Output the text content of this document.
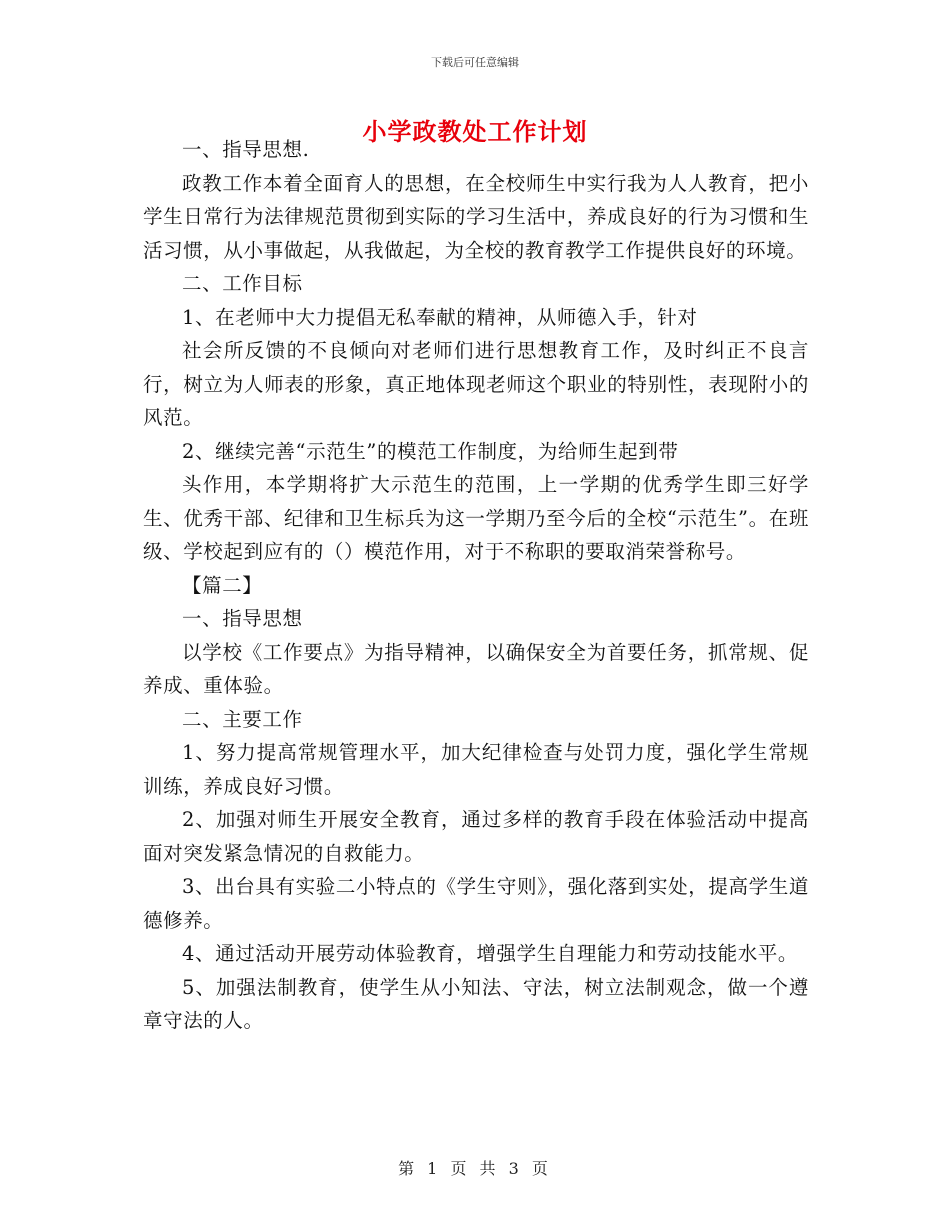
下载后可任意编辑
小学政教处工作计划

一、指导思想.

政教工作本着全面育人的思想，在全校师生中实行我为人人教育，把小学生日常行为法律规范贯彻到实际的学习生活中，养成良好的行为习惯和生活习惯，从小事做起，从我做起，为全校的教育教学工作提供良好的环境。

二、工作目标

1、在老师中大力提倡无私奉献的精神，从师德入手，针对

社会所反馈的不良倾向对老师们进行思想教育工作，及时纠正不良言行，树立为人师表的形象，真正地体现老师这个职业的特别性，表现附小的风范。

2、继续完善“示范生”的模范工作制度，为给师生起到带

头作用，本学期将扩大示范生的范围，上一学期的优秀学生即三好学生、优秀干部、纪律和卫生标兵为这一学期乃至今后的全校“示范生”。在班级、学校起到应有的（）模范作用，对于不称职的要取消荣誉称号。

【篇二】

一、指导思想

以学校《工作要点》为指导精神，以确保安全为首要任务，抓常规、促养成、重体验。

二、主要工作

1、努力提高常规管理水平，加大纪律检查与处罚力度，强化学生常规训练，养成良好习惯。

2、加强对师生开展安全教育，通过多样的教育手段在体验活动中提高面对突发紧急情况的自救能力。

3、出台具有实验二小特点的《学生守则》，强化落到实处，提高学生道德修养。

4、通过活动开展劳动体验教育，增强学生自理能力和劳动技能水平。

5、加强法制教育，使学生从小知法、守法，树立法制观念，做一个遵章守法的人。

第 1 页 共 3 页
